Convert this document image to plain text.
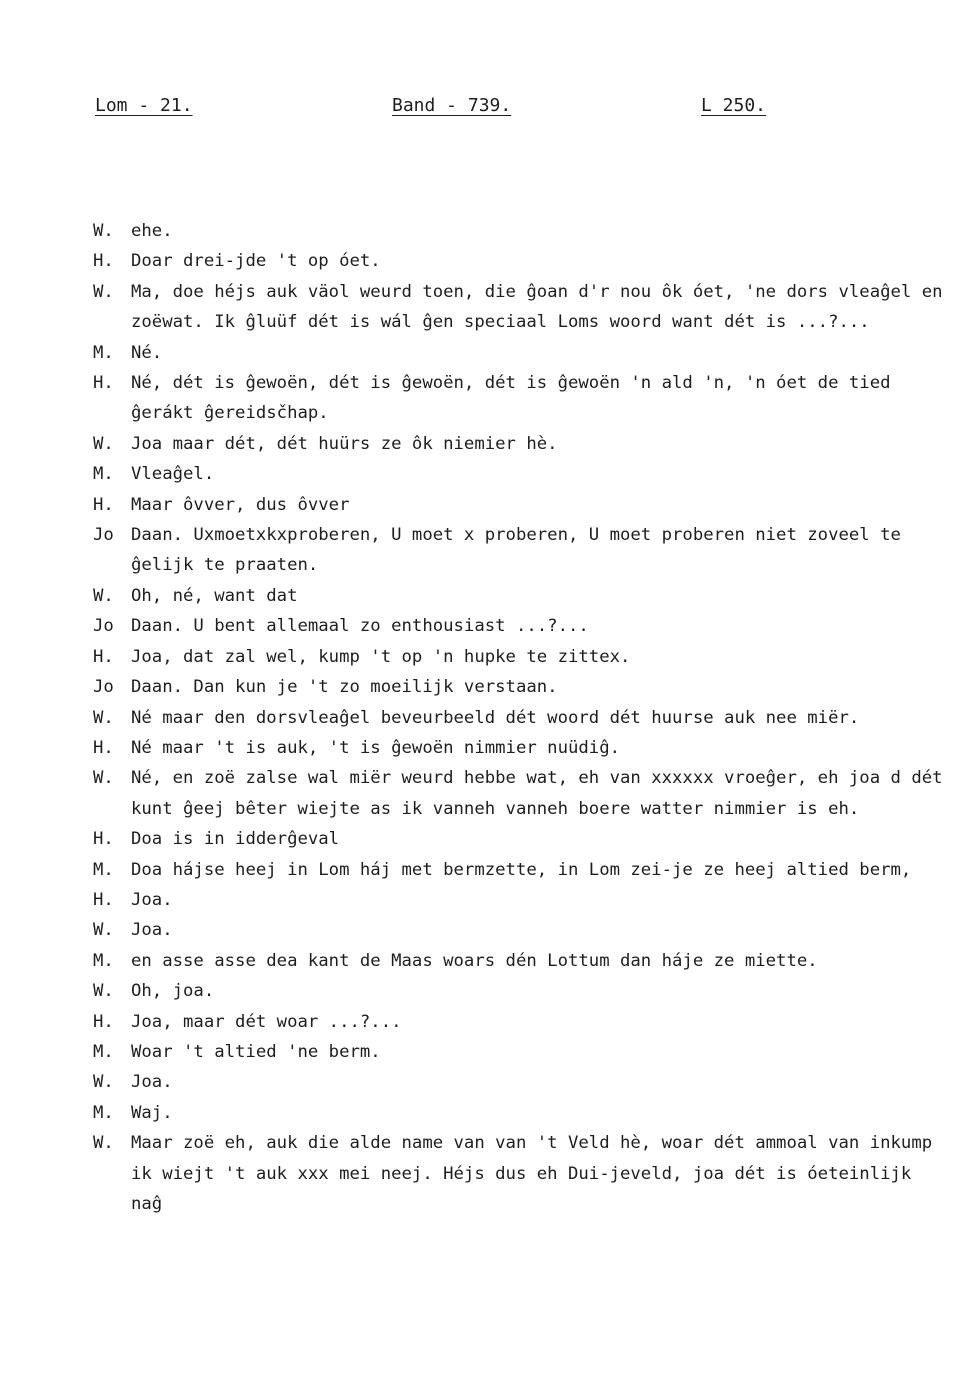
Lom - 21.	Band - 739.	L 250.
W. ehe.
H. Doar drei-jde 't op óet.
W. Ma, doe héjs auk väol weurd toen, die ĝoan d'r nou ôk óet, 'ne dors vleaĝel en zoëwat. Ik ĝluüf dét is wál ĝen speciaal Loms woord want dét is ...?...
M. Né.
H. Né, dét is ĝewoën, dét is ĝewoën, dét is ĝewoën 'n ald 'n, 'n óet de tied ĝerákt ĝereidsčhap.
W. Joa maar dét, dét huürs ze ôk niemier hè.
M. Vleaĝel.
H. Maar ôvver, dus ôvver
Jo Daan. Uxmoetxkxproberen, U moet x proberen, U moet proberen niet zoveel te ĝelijk te praaten.
W. Oh, né, want dat
Jo Daan. U bent allemaal zo enthousiast ...?...
H. Joa, dat zal wel, kump 't op 'n hupke te zittex.
Jo Daan. Dan kun je 't zo moeilijk verstaan.
W. Né maar den dorsvleaĝel beveurbeeld dét woord dét huurse auk nee miër.
H. Né maar 't is auk, 't is ĝewoën nimmier nuüdiĝ.
W. Né, en zoë zalse wal miër weurd hebbe wat, eh van xxxxxx vroeĝer, eh joa d dét kunt ĝeej bêter wiejte as ik vanneh vanneh boere watter nimmier is eh.
H. Doa is in idderĝeval
M. Doa hájse heej in Lom háj met bermzette, in Lom zei-je ze heej altied berm,
H. Joa.
W. Joa.
M. en asse asse dea kant de Maas woars dén Lottum dan háje ze miette.
W. Oh, joa.
H. Joa, maar dét woar ...?...
M. Woar 't altied 'ne berm.
W. Joa.
M. Waj.
W. Maar zoë eh, auk die alde name van van 't Veld hè, woar dét ammoal van inkump ik wiejt 't auk xxx mei neej. Héjs dus eh Dui-jeveld, joa dét is óeteinlijk naĝ
